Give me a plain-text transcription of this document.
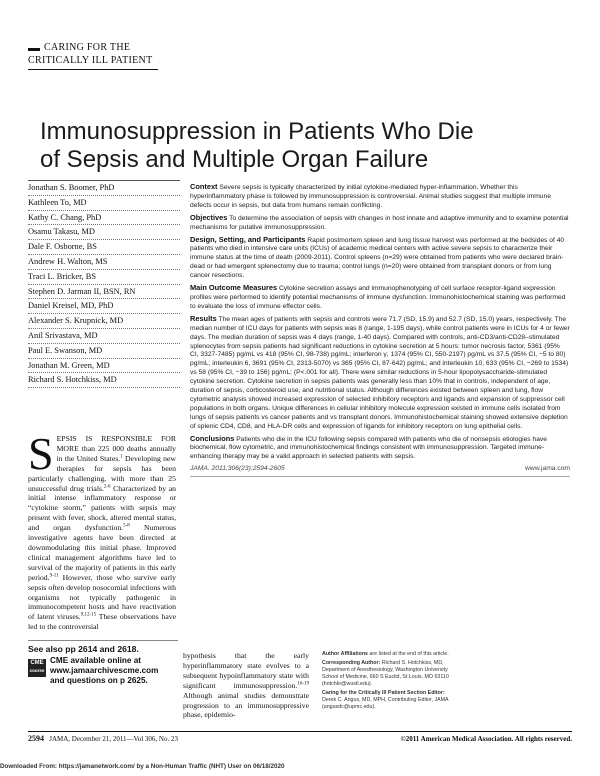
CARING FOR THE
CRITICALLY ILL PATIENT
Immunosuppression in Patients Who Die
of Sepsis and Multiple Organ Failure
Jonathan S. Boomer, PhD
Kathleen To, MD
Kathy C. Chang, PhD
Osamu Takasu, MD
Dale F. Osborne, BS
Andrew H. Walton, MS
Traci L. Bricker, BS
Stephen D. Jarman II, BSN, RN
Daniel Kreisel, MD, PhD
Alexander S. Krupnick, MD
Anil Srivastava, MD
Paul E. Swanson, MD
Jonathan M. Green, MD
Richard S. Hotchkiss, MD

Context Severe sepsis is typically characterized by initial cytokine-mediated hyper-inflammation. Whether this hyperinflammatory phase is followed by immunosuppression is controversial. Animal studies suggest that multiple immune defects occur in sepsis, but data from humans remain conflicting.

Objectives To determine the association of sepsis with changes in host innate and adaptive immunity and to examine potential mechanisms for putative immunosuppression.

Design, Setting, and Participants Rapid postmortem spleen and lung tissue harvest was performed at the bedsides of 40 patients who died in intensive care units (ICUs) of academic medical centers with active severe sepsis to characterize their immune status at the time of death (2009-2011). Control spleens (n=29) were obtained from patients who were declared brain-dead or had emergent splenectomy due to trauma; control lungs (n=20) were obtained from transplant donors or from lung cancer resections.

Main Outcome Measures Cytokine secretion assays and immunophenotyping of cell surface receptor-ligand expression profiles were performed to identify potential mechanisms of immune dysfunction. Immunohistochemical staining was performed to evaluate the loss of immune effector cells.

Results The mean ages of patients with sepsis and controls were 71.7 (SD, 15.9) and 52.7 (SD, 15.0) years, respectively. The median number of ICU days for patients with sepsis was 8 (range, 1-195 days), while control patients were in ICUs for 4 or fewer days. The median duration of sepsis was 4 days (range, 1-40 days). Compared with controls, anti-CD3/anti-CD28–stimulated splenocytes from sepsis patients had significant reductions in cytokine secretion at 5 hours: tumor necrosis factor, 5361 (95% CI, 3327-7485) pg/mL vs 418 (95% CI, 98-738) pg/mL; interferon γ, 1374 (95% CI, 550-2197) pg/mL vs 37.5 (95% CI, −5 to 80) pg/mL; interleukin 6, 3691 (95% CI, 2313-5070) vs 365 (95% CI, 87-642) pg/mL; and interleukin 10, 633 (95% CI, −269 to 1534) vs 58 (95% CI, −39 to 156) pg/mL; (P<.001 for all). There were similar reductions in 5-hour lipopolysaccharide-stimulated cytokine secretion. Cytokine secretion in sepsis patients was generally less than 10% that in controls, independent of age, duration of sepsis, corticosteroid use, and nutritional status. Although differences existed between spleen and lung, flow cytometric analysis showed increased expression of selected inhibitory receptors and ligands and expansion of suppressor cell populations in both organs. Unique differences in cellular inhibitory molecule expression existed in immune cells isolated from lungs of sepsis patients vs cancer patients and vs transplant donors. Immunohistochemical staining showed extensive depletion of splenic CD4, CD8, and HLA-DR cells and expression of ligands for inhibitory receptors on lung epithelial cells.

Conclusions Patients who die in the ICU following sepsis compared with patients who die of nonsepsis etiologies have biochemical, flow cytometric, and immunohistochemical findings consistent with immunosuppression. Targeted immune-enhancing therapy may be a valid approach in selected patients with sepsis.

JAMA. 2011;306(23):2594-2605	www.jama.com

SEPSIS IS RESPONSIBLE FOR MORE than 225 000 deaths annually in the United States.$^1$ Developing new therapies for sepsis has been particularly challenging, with more than 25 unsuccessful drug trials.$^{2-6}$ Characterized by an initial intense inflammatory response or “cytokine storm,” patients with sepsis may present with fever, shock, altered mental status, and organ dysfunction.$^{5-8}$ Numerous investigative agents have been directed at downmodulating this initial phase. Improved clinical management algorithms have led to survival of the majority of patients in this early period.$^{9-11}$ However, those who survive early sepsis often develop nosocomial infections with organisms not typically pathogenic in immunocompetent hosts and have reactivation of latent viruses.$^{9,12-15}$ These observations have led to the controversial

See also pp 2614 and 2618.
CME
course
CME available online at
www.jamaarchivescme.com
and questions on p 2625.

hypothesis that the early hyperinflammatory state evolves to a subsequent hypoinflammatory state with significant immunosuppression.$^{16-19}$ Although animal studies demonstrate progression to an immunosuppressive phase, epidemio-

Author Affiliations are listed at the end of this article.

Corresponding Author: Richard S. Hotchkiss, MD, Department of Anesthesiology, Washington University School of Medicine, 660 S Euclid, St Louis, MO 63110 (hotchkr@wustl.edu).

Caring for the Critically Ill Patient Section Editor: Derek C. Angus, MD, MPH, Contributing Editor, JAMA (angusdc@upmc.edu).

2594 JAMA, December 21, 2011—Vol 306, No. 23	©2011 American Medical Association. All rights reserved.
Downloaded From: https://jamanetwork.com/ by a Non-Human Traffic (NHT) User on 06/18/2020
